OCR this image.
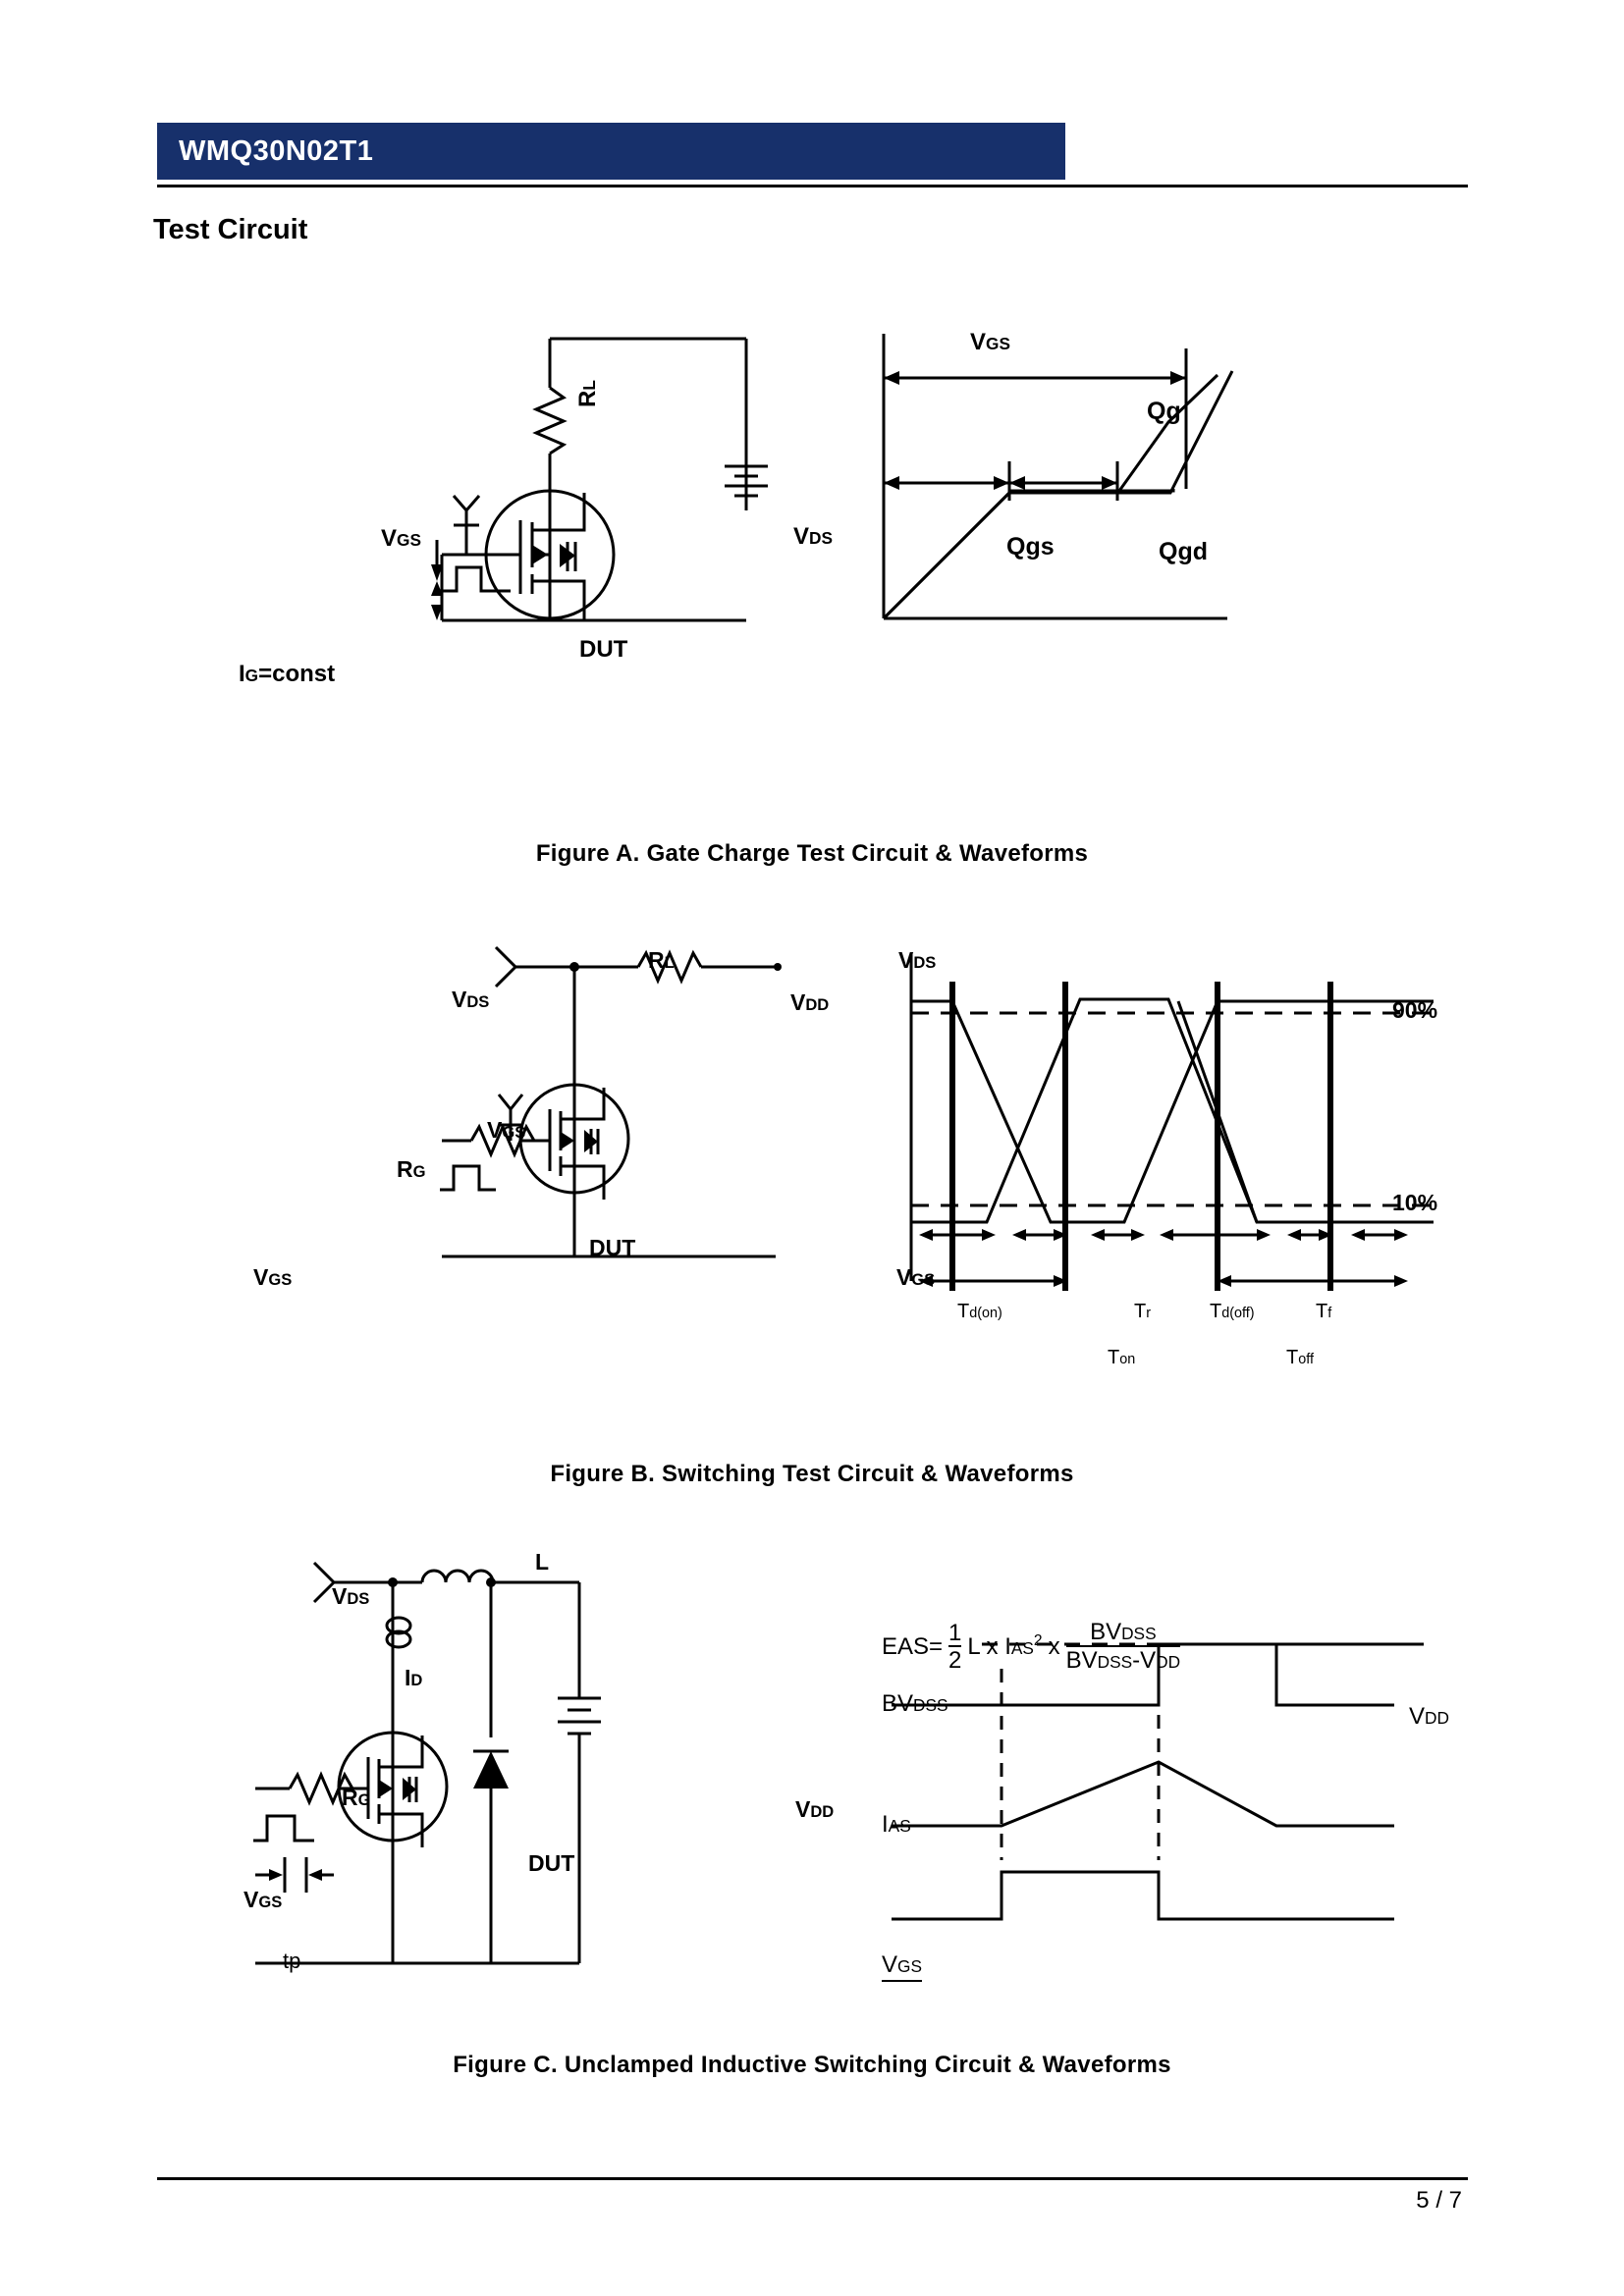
WMQ30N02T1
Test Circuit
RL
VGS	VDS
DUT
IG=const
VGS
Qg
Qgs	Qgd
Figure A. Gate Charge Test Circuit & Waveforms
VDS
RL
VDD
RG
VGS
DUT
VGS
VDS
90%
10%
VGS
Td(on)	Tr
Ton
Td(off)	Tf
Toff
Figure B. Switching Test Circuit & Waveforms
VDS
L
ID
RG
DUT
VDD
VGS
tp
$EAS= \frac{1}{2}$ L x IAS$^2$ x
BVDSS
BVDSS-VDD
BVDSS	VDD
IAS
VGS
Figure C. Unclamped Inductive Switching Circuit & Waveforms
5 / 7
